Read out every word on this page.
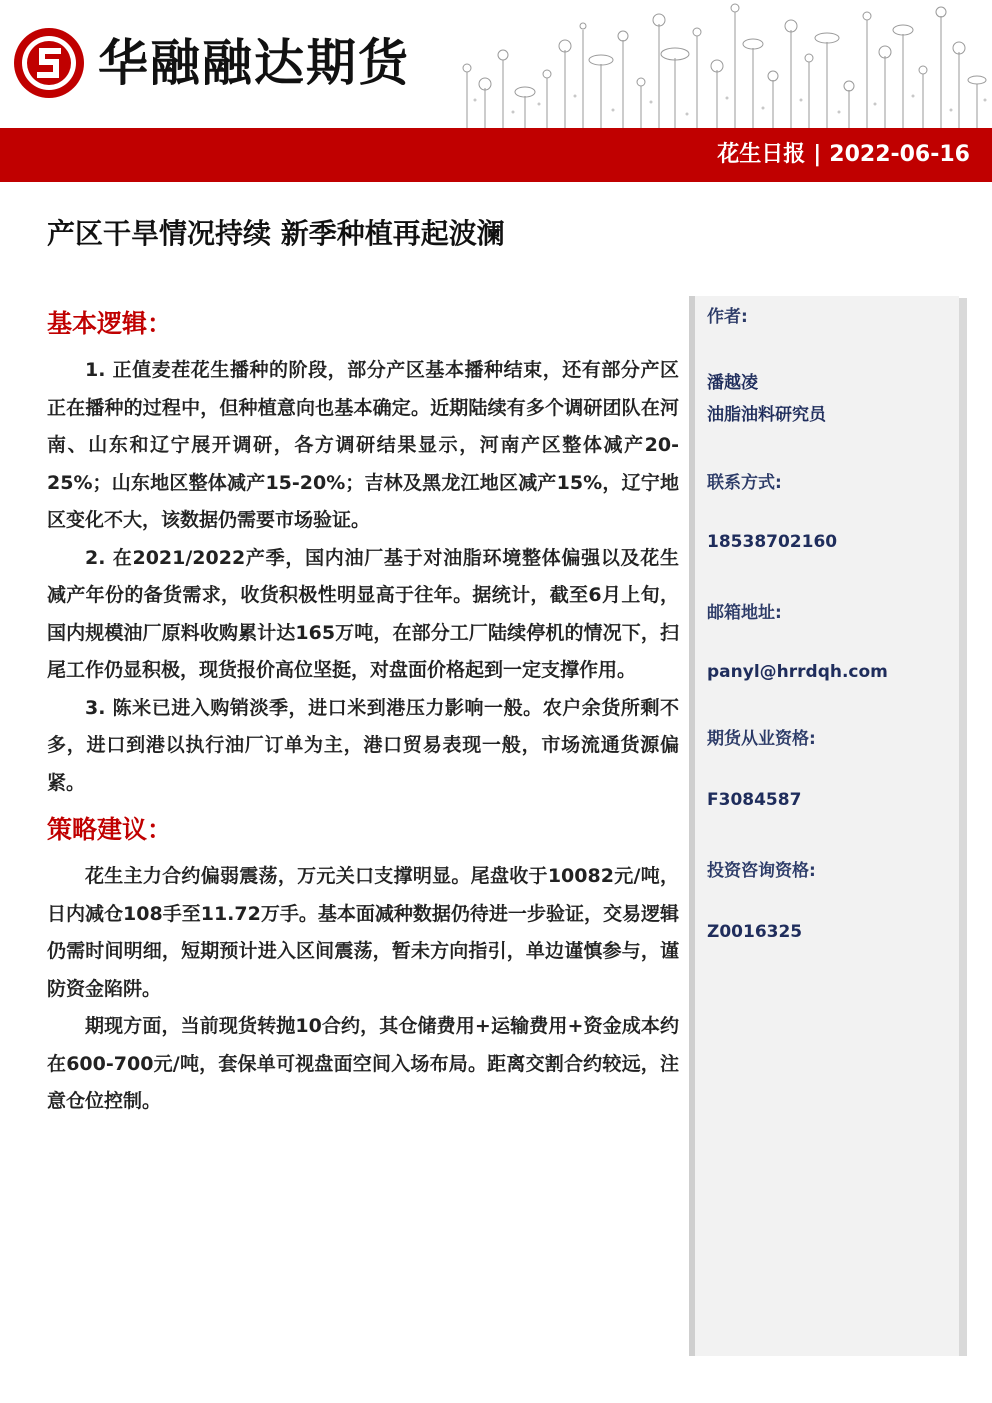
华融融达期货
花生日报 | 2022-06-16
产区干旱情况持续 新季种植再起波澜
基本逻辑：

1. 正值麦茬花生播种的阶段，部分产区基本播种结束，还有部分产区正在播种的过程中，但种植意向也基本确定。近期陆续有多个调研团队在河南、山东和辽宁展开调研，各方调研结果显示，河南产区整体减产20-25%；山东地区整体减产15-20%；吉林及黑龙江地区减产15%，辽宁地区变化不大，该数据仍需要市场验证。

2. 在2021/2022产季，国内油厂基于对油脂环境整体偏强以及花生减产年份的备货需求，收货积极性明显高于往年。据统计，截至6月上旬，国内规模油厂原料收购累计达165万吨，在部分工厂陆续停机的情况下，扫尾工作仍显积极，现货报价高位坚挺，对盘面价格起到一定支撑作用。

3. 陈米已进入购销淡季，进口米到港压力影响一般。农户余货所剩不多，进口到港以执行油厂订单为主，港口贸易表现一般，市场流通货源偏紧。

策略建议：

花生主力合约偏弱震荡，万元关口支撑明显。尾盘收于10082元/吨，日内减仓108手至11.72万手。基本面减种数据仍待进一步验证，交易逻辑仍需时间明细，短期预计进入区间震荡，暂未方向指引，单边谨慎参与，谨防资金陷阱。

期现方面，当前现货转抛10合约，其仓储费用+运输费用+资金成本约在600-700元/吨，套保单可视盘面空间入场布局。距离交割合约较远，注意仓位控制。

作者:
潘越凌
油脂油料研究员
联系方式:
18538702160
邮箱地址:
panyl@hrrdqh.com
期货从业资格:
F3084587
投资咨询资格:
Z0016325
